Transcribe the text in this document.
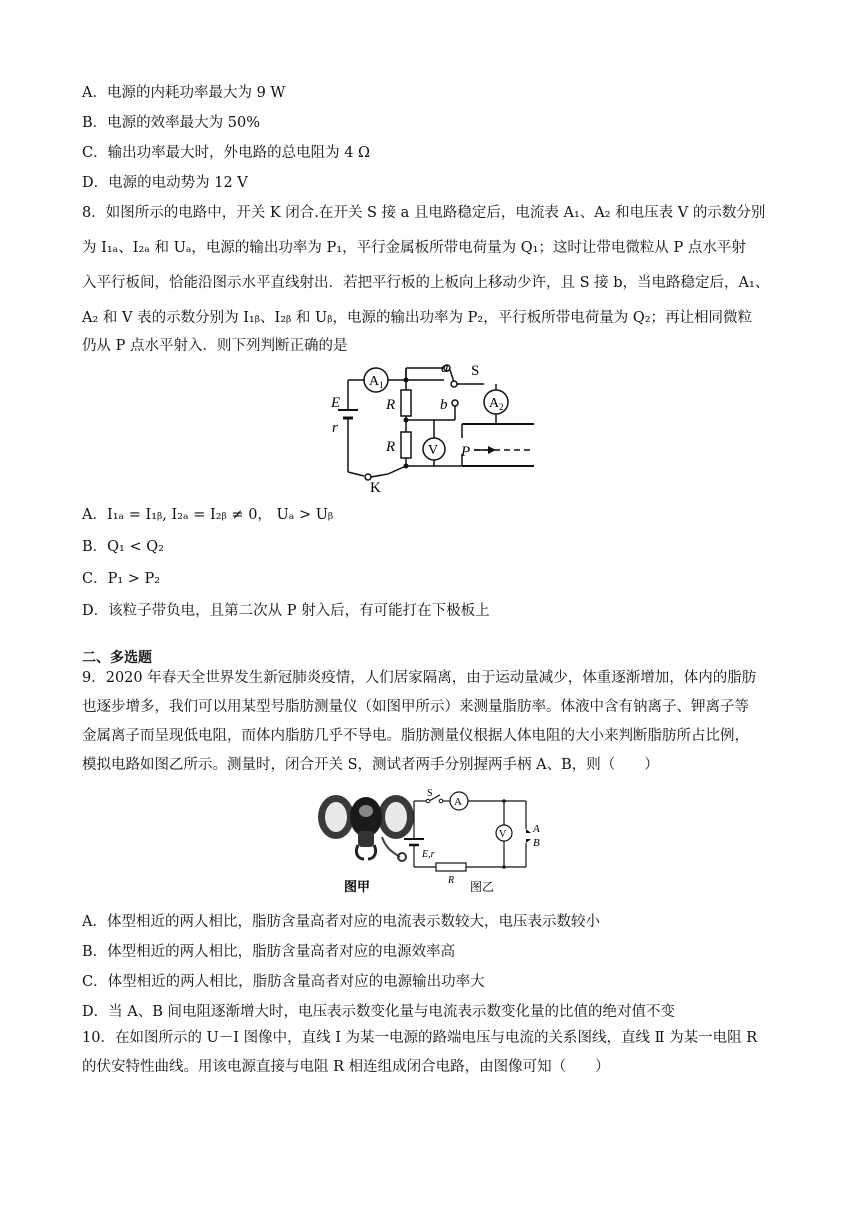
A．电源的内耗功率最大为 9 W
B．电源的效率最大为 50%
C．输出功率最大时，外电路的总电阻为 4 Ω
D．电源的电动势为 12 V
8．如图所示的电路中，开关 K 闭合.在开关 S 接 a 且电路稳定后，电流表 A₁、A₂ 和电压表 V 的示数分别
为 I₁ₐ、I₂ₐ 和 Uₐ，电源的输出功率为 P₁，平行金属板所带电荷量为 Q₁；这时让带电微粒从 P 点水平射
入平行板间，恰能沿图示水平直线射出．若把平行板的上板向上移动少许，且 S 接 b，当电路稳定后，A₁、
A₂ 和 V 表的示数分别为 I₁ᵦ、I₂ᵦ 和 Uᵦ，电源的输出功率为 P₂，平行板所带电荷量为 Q₂；再让相同微粒
仍从 P 点水平射入．则下列判断正确的是
A 1
A 2
V
a S
b
E
r
R
R	P
K
A．I₁ₐ = I₁ᵦ, I₂ₐ = I₂ᵦ ≠ 0， Uₐ > Uᵦ
B．Q₁ < Q₂
C．P₁ > P₂
D．该粒子带负电，且第二次从 P 射入后，有可能打在下极板上
二、多选题
9．2020 年春天全世界发生新冠肺炎疫情，人们居家隔离，由于运动量减少，体重逐渐增加，体内的脂肪
也逐步增多，我们可以用某型号脂肪测量仪（如图甲所示）来测量脂肪率。体液中含有钠离子、钾离子等
金属离子而呈现低电阻，而体内脂肪几乎不导电。脂肪测量仪根据人体电阻的大小来判断脂肪所占比例，
模拟电路如图乙所示。测量时，闭合开关 S，测试者两手分别握两手柄 A、B，则（　　）
图甲
A
V
S
A
B
E,r
R 图乙
A．体型相近的两人相比，脂肪含量高者对应的电流表示数较大，电压表示数较小
B．体型相近的两人相比，脂肪含量高者对应的电源效率高
C．体型相近的两人相比，脂肪含量高者对应的电源输出功率大
D．当 A、B 间电阻逐渐增大时，电压表示数变化量与电流表示数变化量的比值的绝对值不变
10．在如图所示的 U－I 图像中，直线 Ⅰ 为某一电源的路端电压与电流的关系图线，直线 Ⅱ 为某一电阻 R
的伏安特性曲线。用该电源直接与电阻 R 相连组成闭合电路，由图像可知（　　）
